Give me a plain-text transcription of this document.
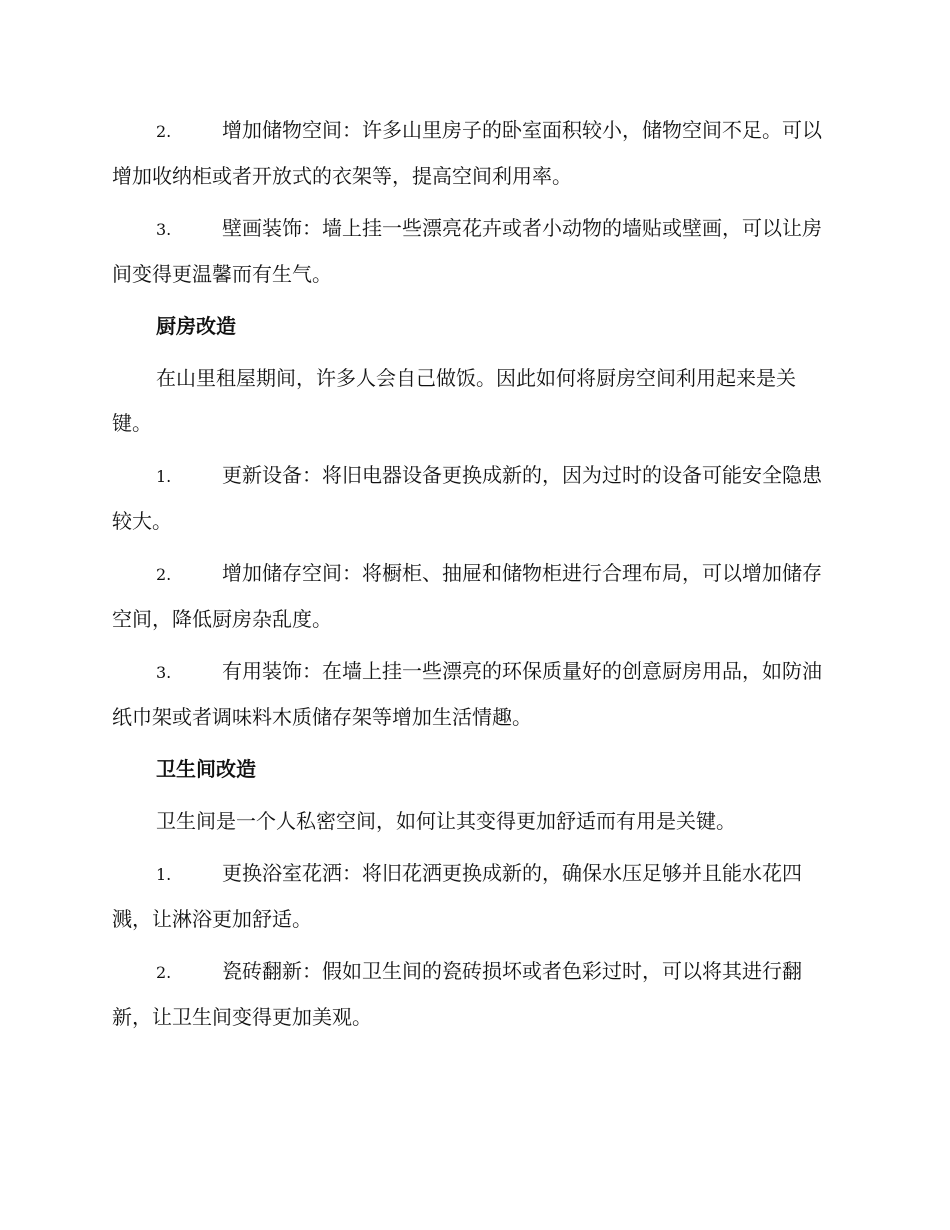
2.	增加储物空间：许多山里房子的卧室面积较小，储物空间不足。可以增加收纳柜或者开放式的衣架等，提高空间利用率。

3.	壁画装饰：墙上挂一些漂亮花卉或者小动物的墙贴或壁画，可以让房间变得更温馨而有生气。

厨房改造

在山里租屋期间，许多人会自己做饭。因此如何将厨房空间利用起来是关键。

1.	更新设备：将旧电器设备更换成新的，因为过时的设备可能安全隐患较大。

2.	增加储存空间：将橱柜、抽屉和储物柜进行合理布局，可以增加储存空间，降低厨房杂乱度。

3.	有用装饰：在墙上挂一些漂亮的环保质量好的创意厨房用品，如防油纸巾架或者调味料木质储存架等增加生活情趣。

卫生间改造

卫生间是一个人私密空间，如何让其变得更加舒适而有用是关键。

1.	更换浴室花洒：将旧花洒更换成新的，确保水压足够并且能水花四溅，让淋浴更加舒适。

2.	瓷砖翻新：假如卫生间的瓷砖损坏或者色彩过时，可以将其进行翻新，让卫生间变得更加美观。
